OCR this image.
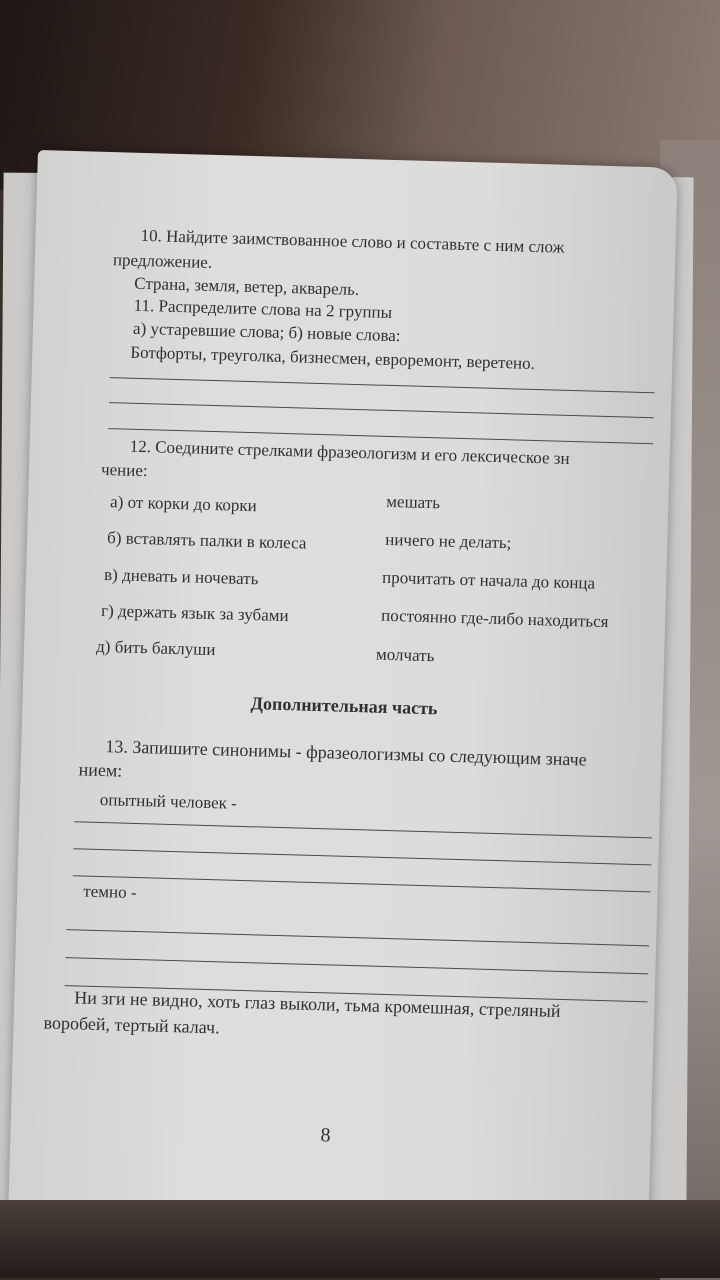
10. Найдите заимствованное слово и составьте с ним слож
предложение.
Страна, земля, ветер, акварель.
11. Распределите слова на 2 группы
а) устаревшие слова; б) новые слова:
Ботфорты, треуголка, бизнесмен, евроремонт, веретено.
12. Соедините стрелками фразеологизм и его лексическое зн
чение:
а) от корки до корки	мешать
б) вставлять палки в колеса	ничего не делать;
в) дневать и ночевать	прочитать от начала до конца
г) держать язык за зубами	постоянно где-либо находиться
д) бить баклуши	молчать
Дополнительная часть
13. Запишите синонимы - фразеологизмы со следующим значе
нием:
опытный человек -
темно -
Ни зги не видно, хоть глаз выколи, тьма кромешная, стреляный
воробей, тертый калач.
8
